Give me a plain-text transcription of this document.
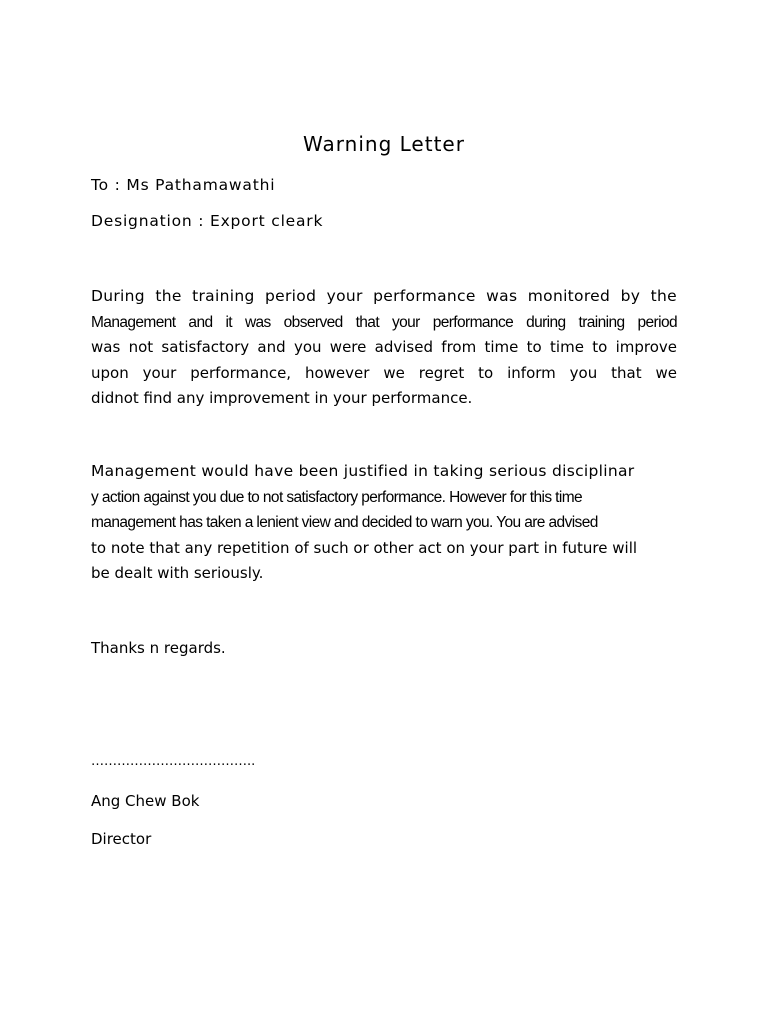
Warning Letter
To : Ms Pathamawathi
Designation : Export cleark
During the training period your performance was monitored by the
Management and it was observed that your performance during training period
was not satisfactory and you were advised from time to time to improve
upon your performance, however we regret to inform you that we
didnot find any improvement in your performance.
Management would have been justified in taking serious disciplinar
y action against you due to not satisfactory performance. However for this time
management has taken a lenient view and decided to warn you. You are advised
to note that any repetition of such or other act on your part in future will
be dealt with seriously.
Thanks n regards.
………………………………..
Ang Chew Bok
Director
